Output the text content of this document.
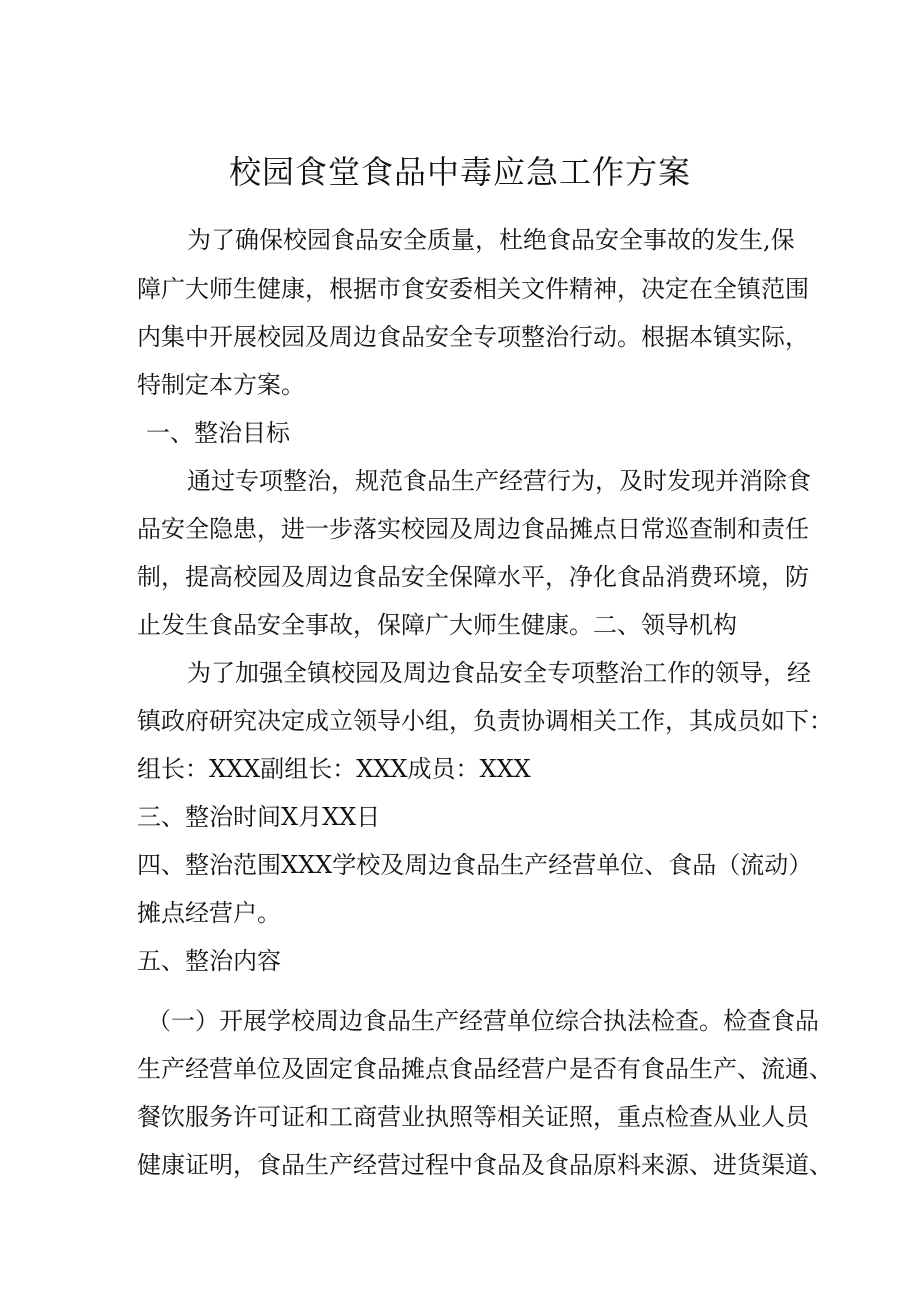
校园食堂食品中毒应急工作方案
为了确保校园食品安全质量，杜绝食品安全事故的发生,保
障广大师生健康，根据市食安委相关文件精神，决定在全镇范围
内集中开展校园及周边食品安全专项整治行动。根据本镇实际，
特制定本方案。
一、整治目标
通过专项整治，规范食品生产经营行为，及时发现并消除食
品安全隐患，进一步落实校园及周边食品摊点日常巡查制和责任
制，提高校园及周边食品安全保障水平，净化食品消费环境，防
止发生食品安全事故，保障广大师生健康。二、领导机构
为了加强全镇校园及周边食品安全专项整治工作的领导，经
镇政府研究决定成立领导小组，负责协调相关工作，其成员如下：
组长：XXX副组长：XXX成员：XXX
三、整治时间X月XX日
四、整治范围XXX学校及周边食品生产经营单位、食品（流动）
摊点经营户。
五、整治内容
（一）开展学校周边食品生产经营单位综合执法检查。检查食品
生产经营单位及固定食品摊点食品经营户是否有食品生产、流通、
餐饮服务许可证和工商营业执照等相关证照，重点检查从业人员
健康证明，食品生产经营过程中食品及食品原料来源、进货渠道、
